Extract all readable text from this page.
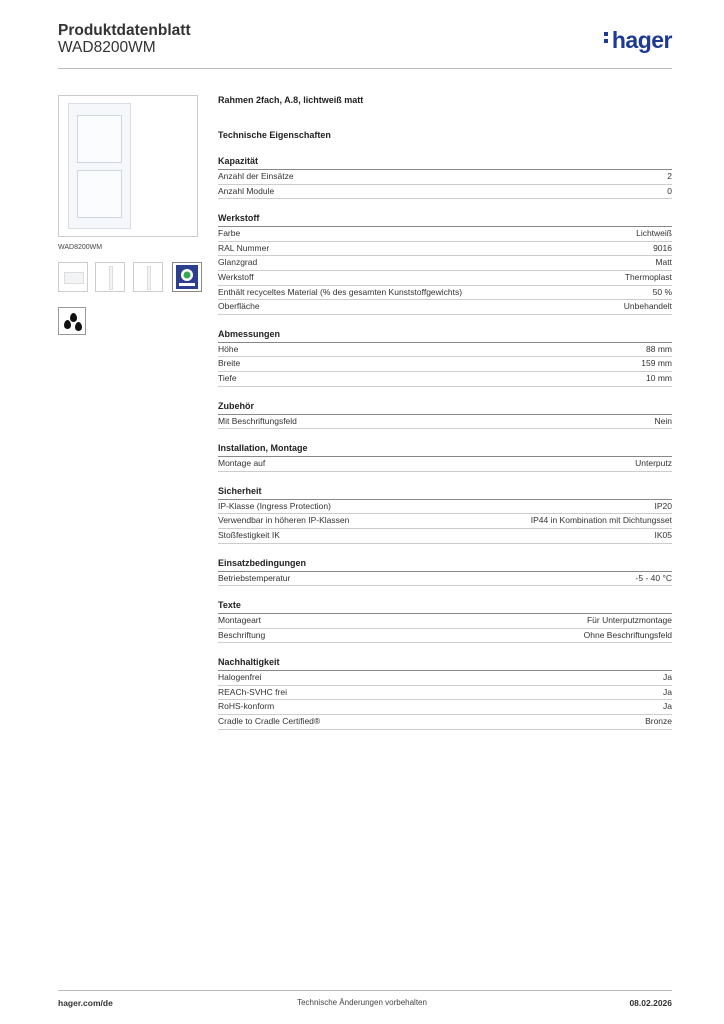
Produktdatenblatt
WAD8200WM	hager
WAD8200WM
Rahmen 2fach, A.8, lichtweiß matt
Technische Eigenschaften
Kapazität
Anzahl der Einsätze	2
Anzahl Module	0
Werkstoff
Farbe	Lichtweiß
RAL Nummer	9016
Glanzgrad	Matt
Werkstoff	Thermoplast
Enthält recyceltes Material (% des gesamten Kunststoffgewichts)	50 %
Oberfläche	Unbehandelt
Abmessungen
Höhe	88 mm
Breite	159 mm
Tiefe	10 mm
Zubehör
Mit Beschriftungsfeld	Nein
Installation, Montage
Montage auf	Unterputz
Sicherheit
IP-Klasse (Ingress Protection)	IP20
Verwendbar in höheren IP-Klassen	IP44 in Kombination mit Dichtungsset
Stoßfestigkeit IK	IK05
Einsatzbedingungen
Betriebstemperatur	-5 - 40 °C
Texte
Montageart	Für Unterputzmontage
Beschriftung	Ohne Beschriftungsfeld
Nachhaltigkeit
Halogenfrei	Ja
REACh-SVHC frei	Ja
RoHS-konform	Ja
Cradle to Cradle Certified®	Bronze
hager.com/de	Technische Änderungen vorbehalten	08.02.2026
